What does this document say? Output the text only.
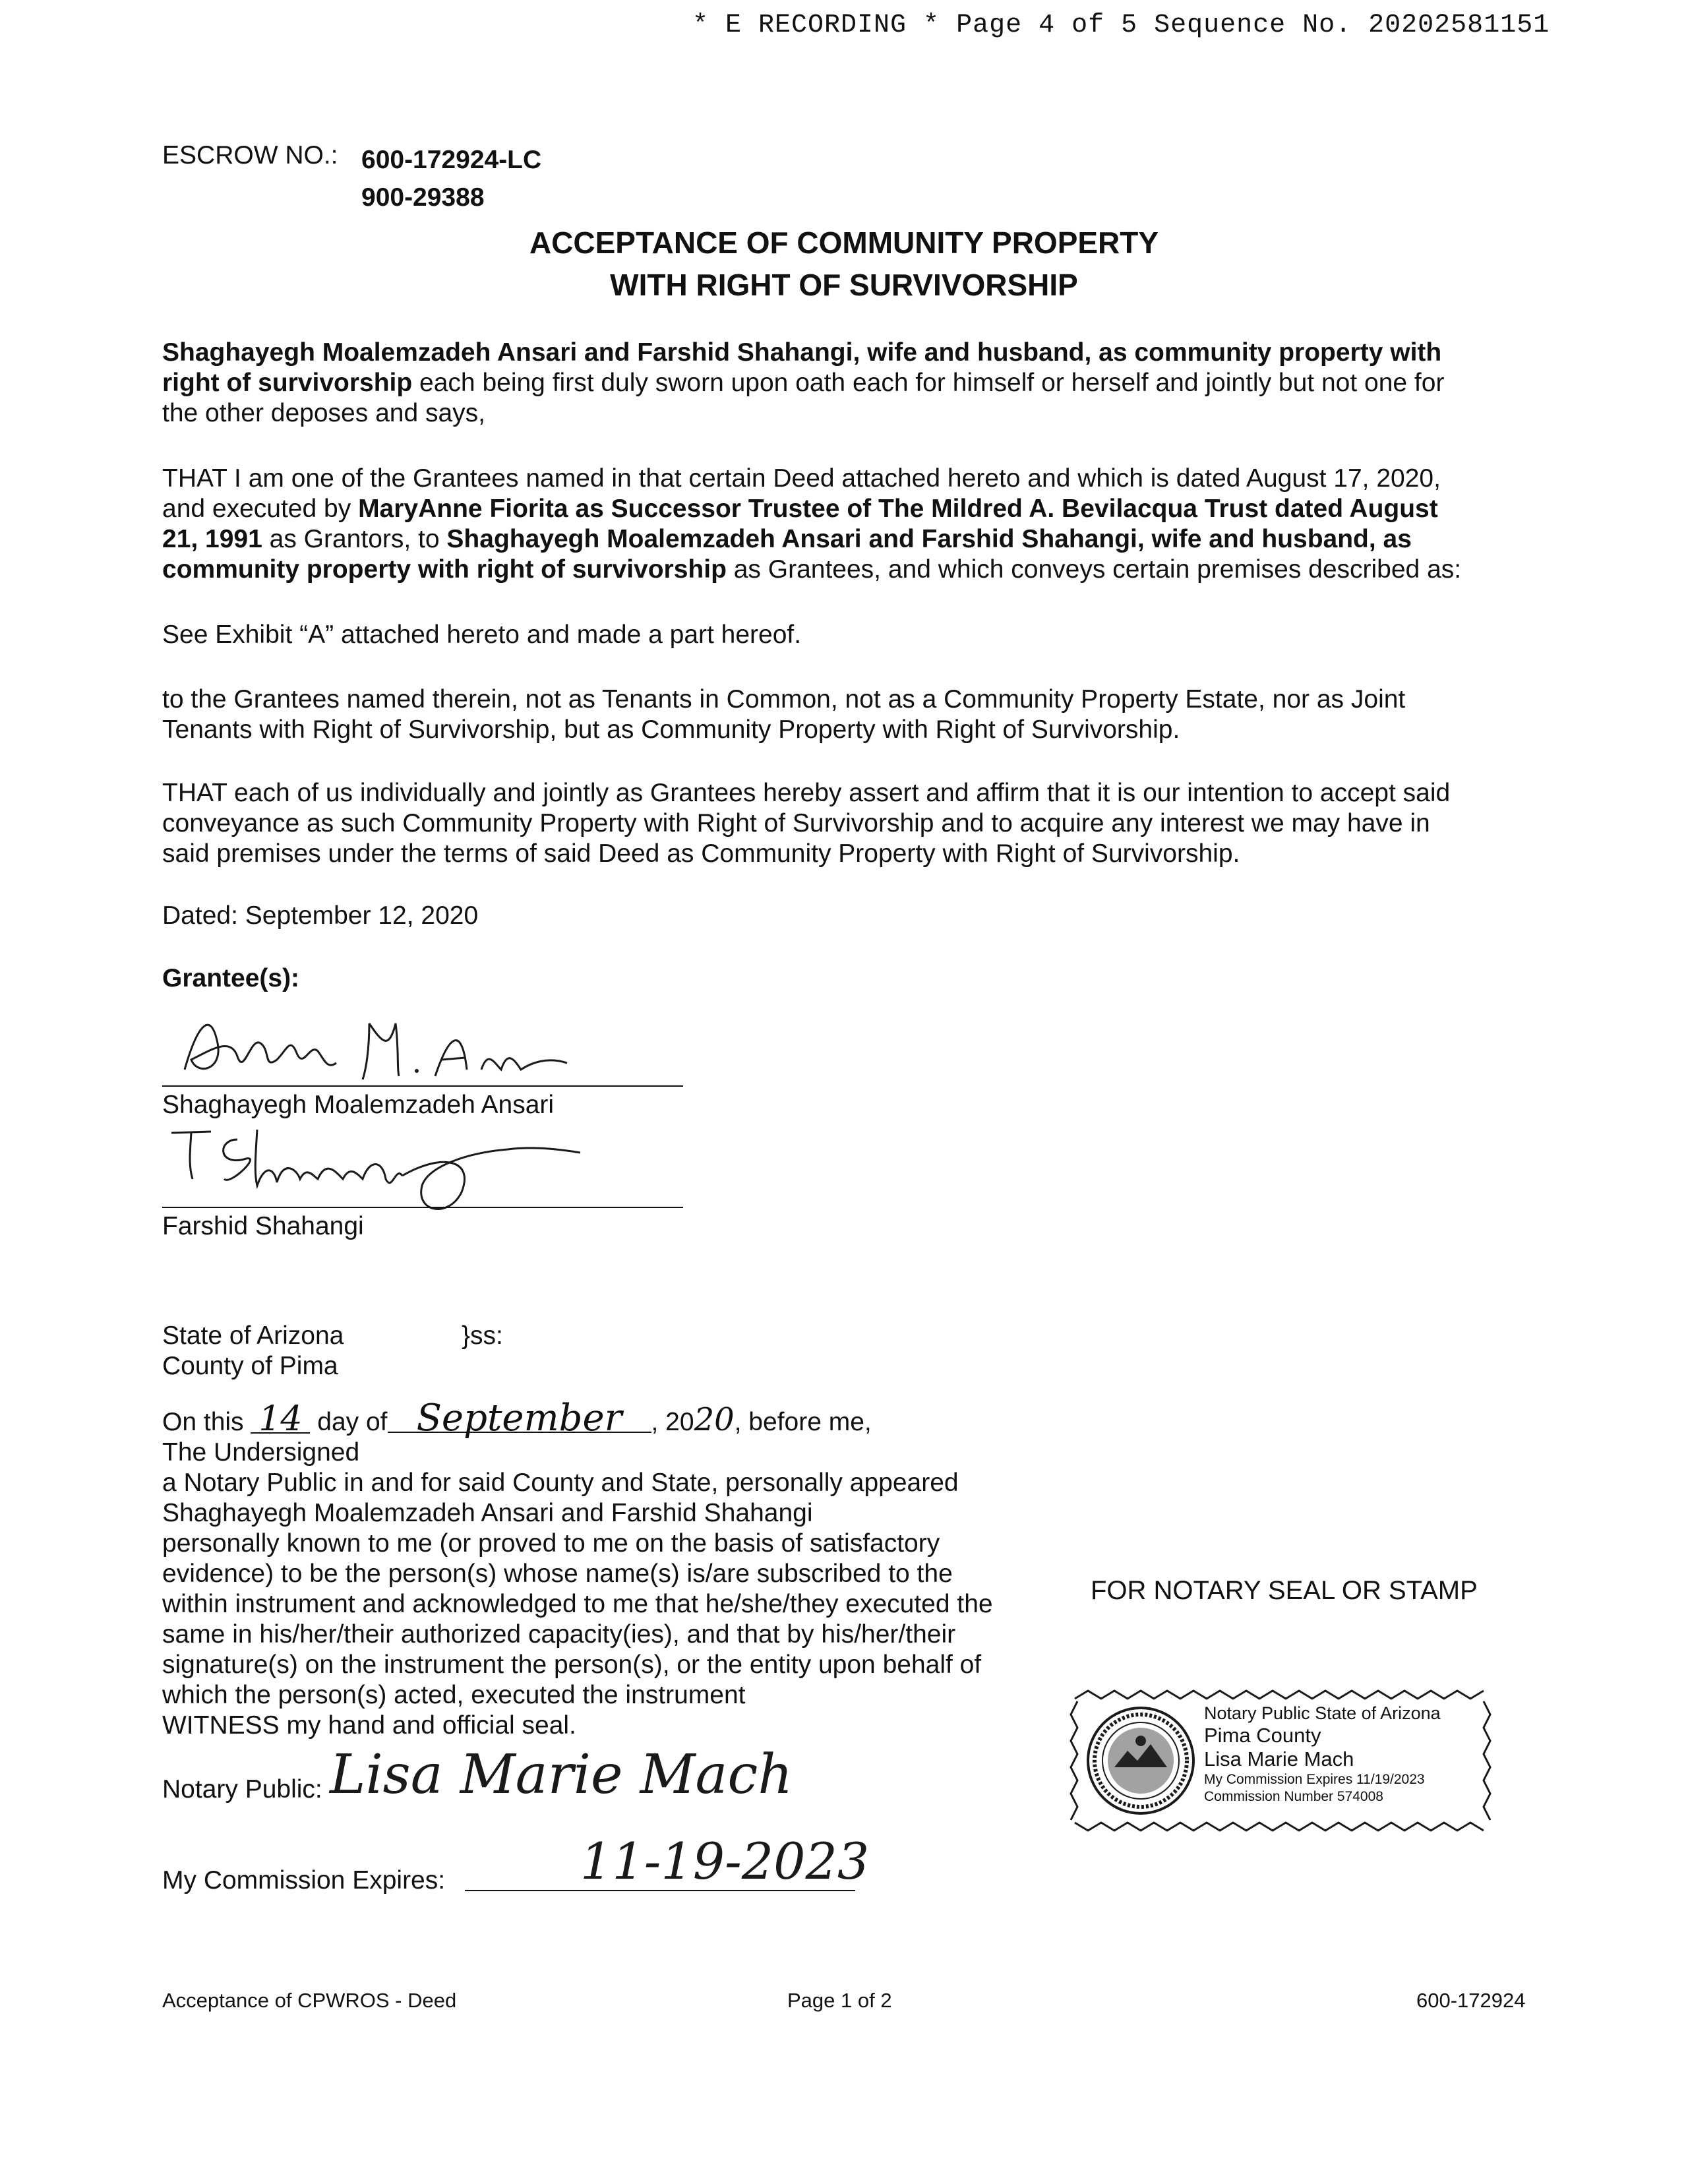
* E RECORDING * Page 4 of 5 Sequence No. 20202581151
ESCROW NO.: 600-172924-LC
900-29388
ACCEPTANCE OF COMMUNITY PROPERTY
WITH RIGHT OF SURVIVORSHIP
Shaghayegh Moalemzadeh Ansari and Farshid Shahangi, wife and husband, as community property with
right of survivorship each being first duly sworn upon oath each for himself or herself and jointly but not one for
the other deposes and says,
THAT I am one of the Grantees named in that certain Deed attached hereto and which is dated August 17, 2020,
and executed by MaryAnne Fiorita as Successor Trustee of The Mildred A. Bevilacqua Trust dated August
21, 1991 as Grantors, to Shaghayegh Moalemzadeh Ansari and Farshid Shahangi, wife and husband, as
community property with right of survivorship as Grantees, and which conveys certain premises described as:
See Exhibit “A” attached hereto and made a part hereof.
to the Grantees named therein, not as Tenants in Common, not as a Community Property Estate, nor as Joint
Tenants with Right of Survivorship, but as Community Property with Right of Survivorship.
THAT each of us individually and jointly as Grantees hereby assert and affirm that it is our intention to accept said
conveyance as such Community Property with Right of Survivorship and to acquire any interest we may have in
said premises under the terms of said Deed as Community Property with Right of Survivorship.
Dated: September 12, 2020
Grantee(s):
Shaghayegh Moalemzadeh Ansari
Farshid Shahangi
State of Arizona
County of Pima
}ss:
On this 14 day of September , 2020, before me,
The Undersigned
a Notary Public in and for said County and State, personally appeared
Shaghayegh Moalemzadeh Ansari and Farshid Shahangi
personally known to me (or proved to me on the basis of satisfactory
evidence) to be the person(s) whose name(s) is/are subscribed to the
within instrument and acknowledged to me that he/she/they executed the
same in his/her/their authorized capacity(ies), and that by his/her/their
signature(s) on the instrument the person(s), or the entity upon behalf of
which the person(s) acted, executed the instrument
WITNESS my hand and official seal.
Notary Public: Lisa Marie Mach
My Commission Expires:	11-19-2023
FOR NOTARY SEAL OR STAMP
Notary Public State of Arizona
Pima County
Lisa Marie Mach
My Commission Expires 11/19/2023
Commission Number 574008
Acceptance of CPWROS - Deed	Page 1 of 2	600-172924
